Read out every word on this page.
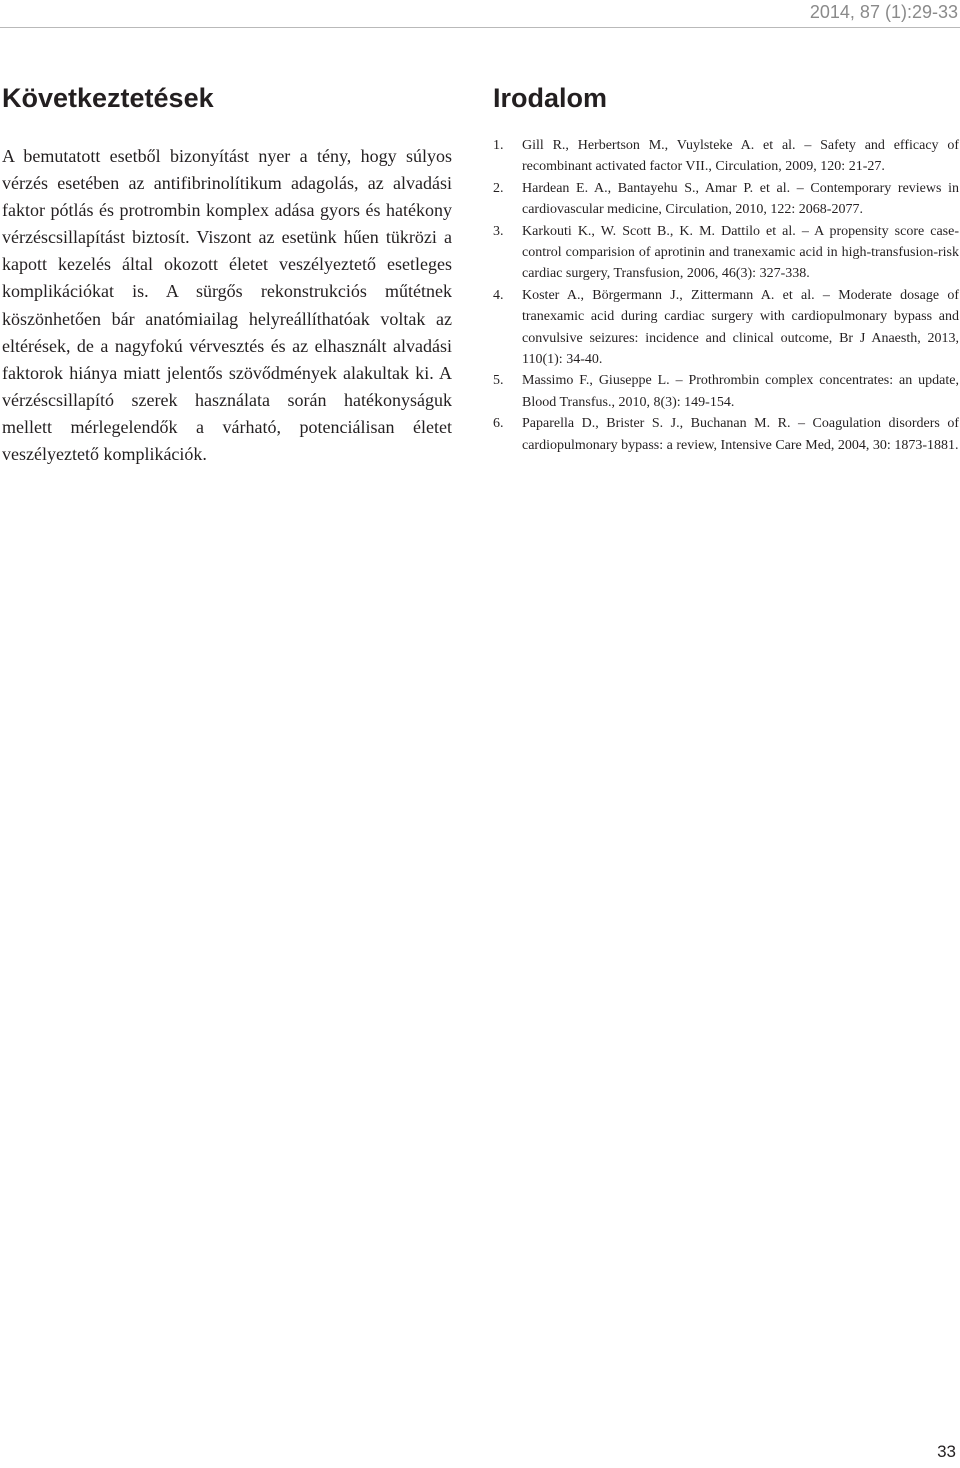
2014, 87 (1):29-33
Következtetések

A bemutatott esetből bizonyítást nyer a tény, hogy súlyos vérzés esetében az antifibrinolítikum adagolás, az alvadási faktor pótlás és protrombin komplex adása gyors és hatékony vérzéscsillapítást biztosít. Viszont az esetünk hűen tükrözi a kapott kezelés által okozott életet veszélyeztető esetleges komplikációkat is. A sürgős rekonstrukciós műtétnek köszönhetően bár anatómiailag helyreállíthatóak voltak az eltérések, de a nagyfokú vérvesztés és az elhasznált alvadási faktorok hiánya miatt jelentős szövődmények alakultak ki. A vérzéscsillapító szerek használata során hatékonyságuk mellett mérlegelendők a várható, potenciálisan életet veszélyeztető komplikációk.

Irodalom
1.	Gill R., Herbertson M., Vuylsteke A. et al. – Safety and efficacy of recombinant activated factor VII., Circulation, 2009, 120: 21-27.
2.	Hardean E. A., Bantayehu S., Amar P. et al. – Contemporary reviews in cardiovascular medicine, Circulation, 2010, 122: 2068-2077.
3.	Karkouti K., W. Scott B., K. M. Dattilo et al. – A propensity score case-control comparision of aprotinin and tranexamic acid in high-transfusion-risk cardiac surgery, Transfusion, 2006, 46(3): 327-338.
4.	Koster A., Börgermann J., Zittermann A. et al. – Moderate dosage of tranexamic acid during cardiac surgery with cardiopulmonary bypass and convulsive seizures: incidence and clinical outcome, Br J Anaesth, 2013, 110(1): 34-40.
5.	Massimo F., Giuseppe L. – Prothrombin complex concentrates: an update, Blood Transfus., 2010, 8(3): 149-154.
6.	Paparella D., Brister S. J., Buchanan M. R. – Coagulation disorders of cardiopulmonary bypass: a review, Intensive Care Med, 2004, 30: 1873-1881.
33
